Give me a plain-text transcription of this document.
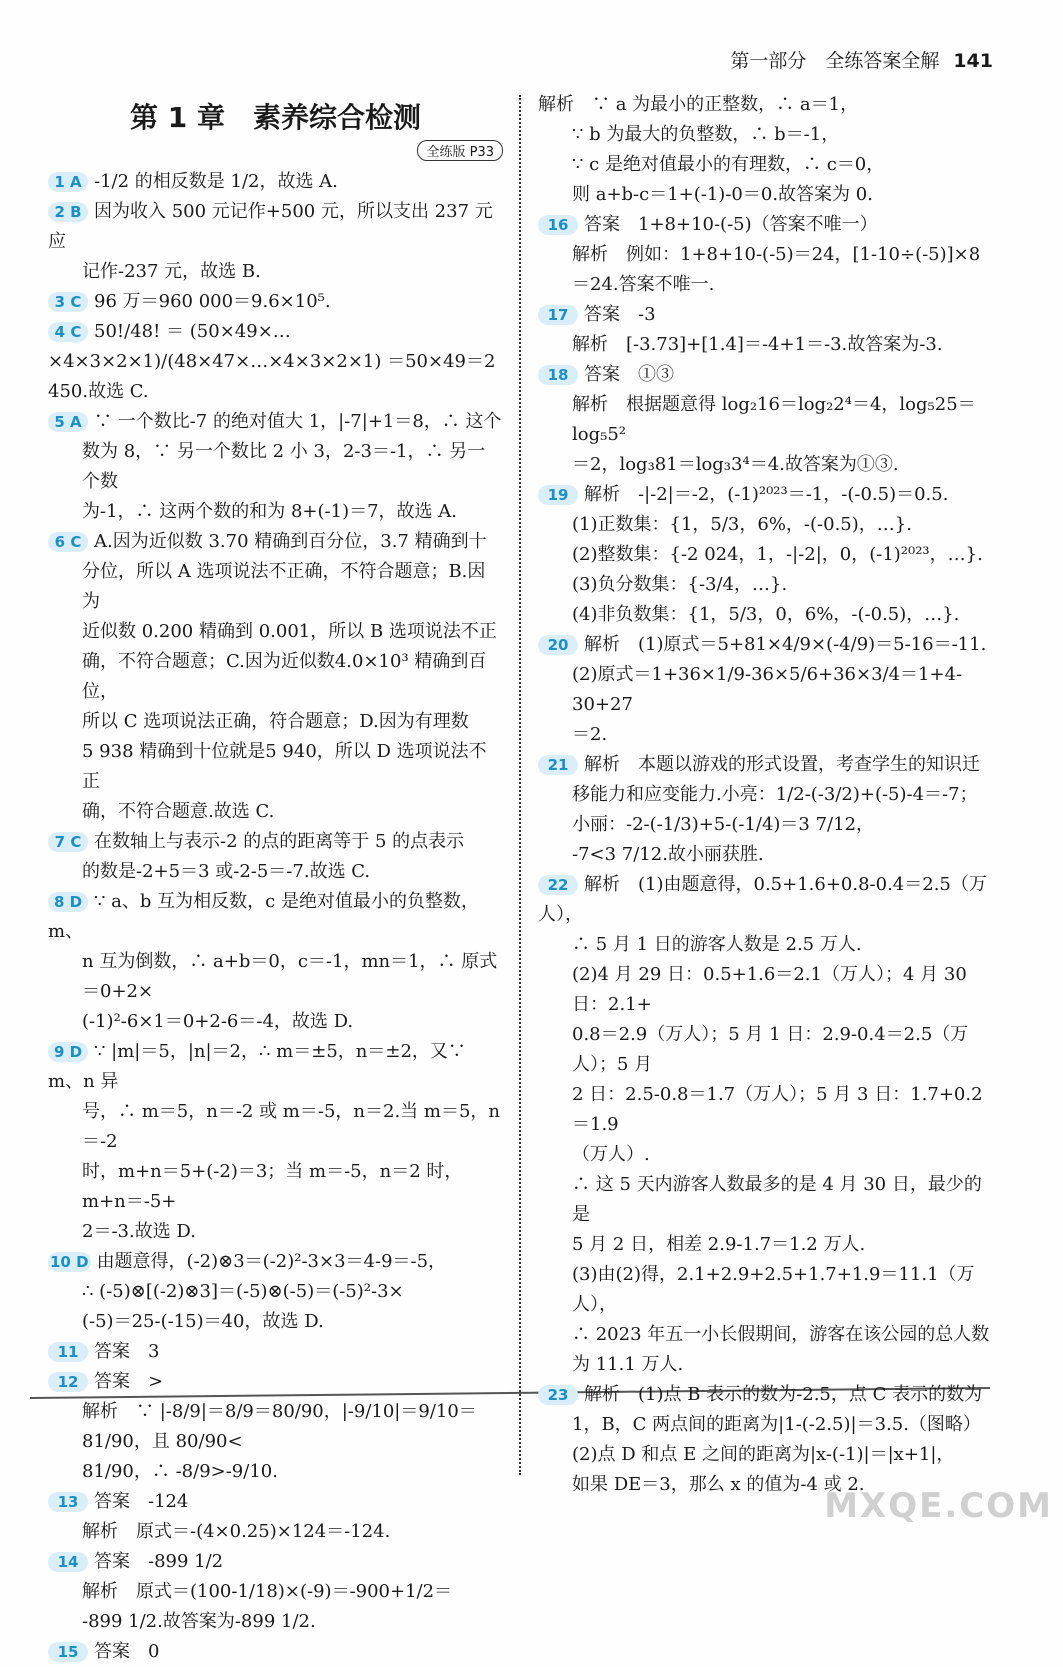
第一部分　全练答案全解 141
第 1 章　素养综合检测
全练版 P33
1 A -1/2 的相反数是 1/2，故选 A.
2 B 因为收入 500 元记作+500 元，所以支出 237 元应
记作-237 元，故选 B.
3 C 96 万＝960 000＝9.6×10⁵.
4 C 50!/48! ＝ (50×49×…×4×3×2×1)/(48×47×…×4×3×2×1) ＝50×49＝2 450.故选 C.
5 A ∵ 一个数比-7 的绝对值大 1，|-7|+1＝8，∴ 这个
数为 8，∵ 另一个数比 2 小 3，2-3＝-1，∴ 另一个数
为-1，∴ 这两个数的和为 8+(-1)＝7，故选 A.
6 C A.因为近似数 3.70 精确到百分位，3.7 精确到十
分位，所以 A 选项说法不正确，不符合题意；B.因为
近似数 0.200 精确到 0.001，所以 B 选项说法不正
确，不符合题意；C.因为近似数4.0×10³ 精确到百位，
所以 C 选项说法正确，符合题意；D.因为有理数
5 938 精确到十位就是5 940，所以 D 选项说法不正
确，不符合题意.故选 C.
7 C 在数轴上与表示-2 的点的距离等于 5 的点表示
的数是-2+5＝3 或-2-5＝-7.故选 C.
8 D ∵ a、b 互为相反数，c 是绝对值最小的负整数，m、
n 互为倒数，∴ a+b＝0，c＝-1，mn＝1，∴ 原式＝0+2×
(-1)²-6×1＝0+2-6＝-4，故选 D.
9 D ∵ |m|＝5，|n|＝2，∴ m＝±5，n＝±2，又∵ m、n 异
号，∴ m＝5，n＝-2 或 m＝-5，n＝2.当 m＝5，n＝-2
时，m+n＝5+(-2)＝3；当 m＝-5，n＝2 时，m+n＝-5+
2＝-3.故选 D.
10 D 由题意得，(-2)⊗3＝(-2)²-3×3＝4-9＝-5，
∴ (-5)⊗[(-2)⊗3]＝(-5)⊗(-5)＝(-5)²-3×
(-5)＝25-(-15)＝40，故选 D.
11 答案　3
12 答案　>
解析　∵ |-8/9|＝8/9＝80/90，|-9/10|＝9/10＝81/90，且 80/90<
81/90，∴ -8/9>-9/10.
13 答案　-124
解析　原式＝-(4×0.25)×124＝-124.
14 答案　-899 1/2
解析　原式＝(100-1/18)×(-9)＝-900+1/2＝
-899 1/2.故答案为-899 1/2.
15 答案　0
解析　∵ a 为最小的正整数，∴ a＝1，
∵ b 为最大的负整数，∴ b＝-1，
∵ c 是绝对值最小的有理数，∴ c＝0，
则 a+b-c＝1+(-1)-0＝0.故答案为 0.
16 答案　1+8+10-(-5)（答案不唯一）
解析　例如：1+8+10-(-5)＝24，[1-10÷(-5)]×8
＝24.答案不唯一.
17 答案　-3
解析　[-3.73]+[1.4]＝-4+1＝-3.故答案为-3.
18 答案　①③
解析　根据题意得 log₂16＝log₂2⁴＝4，log₅25＝log₅5²
＝2，log₃81＝log₃3⁴＝4.故答案为①③.
19 解析　-|-2|＝-2，(-1)²⁰²³＝-1，-(-0.5)＝0.5.
(1)正数集：{1，5/3，6%，-(-0.5)，…}.
(2)整数集：{-2 024，1，-|-2|，0，(-1)²⁰²³，…}.
(3)负分数集：{-3/4，…}.
(4)非负数集：{1，5/3，0，6%，-(-0.5)，…}.
20 解析　(1)原式＝5+81×4/9×(-4/9)＝5-16＝-11.
(2)原式＝1+36×1/9-36×5/6+36×3/4＝1+4-30+27
＝2.
21 解析　本题以游戏的形式设置，考查学生的知识迁
移能力和应变能力.小亮：1/2-(-3/2)+(-5)-4＝-7；
小丽：-2-(-1/3)+5-(-1/4)＝3 7/12，
-7<3 7/12.故小丽获胜.
22 解析　(1)由题意得，0.5+1.6+0.8-0.4＝2.5（万人），
∴ 5 月 1 日的游客人数是 2.5 万人.
(2)4 月 29 日：0.5+1.6＝2.1（万人）；4 月 30 日：2.1+
0.8＝2.9（万人）；5 月 1 日：2.9-0.4＝2.5（万人）；5 月
2 日：2.5-0.8＝1.7（万人）；5 月 3 日：1.7+0.2＝1.9
（万人）.
∴ 这 5 天内游客人数最多的是 4 月 30 日，最少的是
5 月 2 日，相差 2.9-1.7＝1.2 万人.
(3)由(2)得，2.1+2.9+2.5+1.7+1.9＝11.1（万人），
∴ 2023 年五一小长假期间，游客在该公园的总人数
为 11.1 万人.
23 解析　(1)点 B 表示的数为-2.5，点 C 表示的数为
1，B，C 两点间的距离为|1-(-2.5)|＝3.5.（图略）
(2)点 D 和点 E 之间的距离为|x-(-1)|＝|x+1|，
如果 DE＝3，那么 x 的值为-4 或 2.
MXQE.COM
